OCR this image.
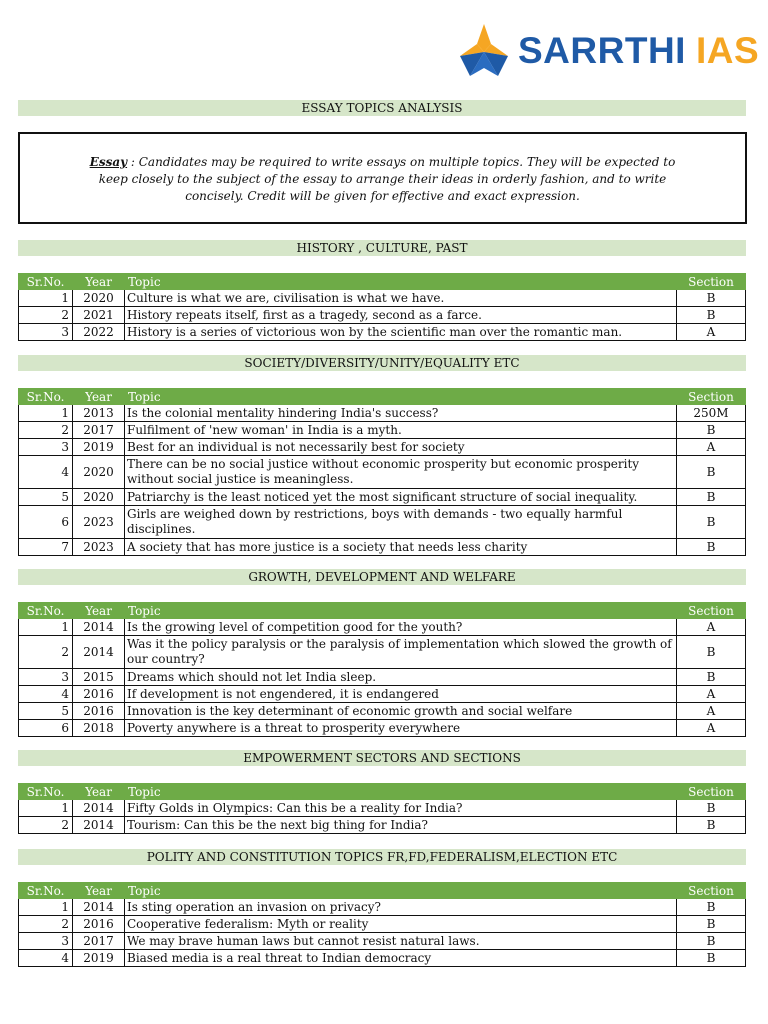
SARRTHI IAS
ESSAY TOPICS ANALYSIS
Essay : Candidates may be required to write essays on multiple topics. They will be expected to keep closely to the subject of the essay to arrange their ideas in orderly fashion, and to write concisely. Credit will be given for effective and exact expression.
HISTORY , CULTURE, PAST
Sr.No.	Year	Topic	Section
1	2020	Culture is what we are, civilisation is what we have.	B
2	2021	History repeats itself, first as a tragedy, second as a farce.	B
3	2022	History is a series of victorious won by the scientific man over the romantic man.	A
SOCIETY/DIVERSITY/UNITY/EQUALITY ETC
Sr.No.	Year	Topic	Section
1	2013	Is the colonial mentality hindering India's success?	250M
2	2017	Fulfilment of 'new woman' in India is a myth.	B
3	2019	Best for an individual is not necessarily best for society	A
4	2020	There can be no social justice without economic prosperity but economic prosperity without social justice is meaningless.	B
5	2020	Patriarchy is the least noticed yet the most significant structure of social inequality.	B
6	2023	Girls are weighed down by restrictions, boys with demands - two equally harmful disciplines.	B
7	2023	A society that has more justice is a society that needs less charity	B
GROWTH, DEVELOPMENT AND WELFARE
Sr.No.	Year	Topic	Section
1	2014	Is the growing level of competition good for the youth?	A
2	2014	Was it the policy paralysis or the paralysis of implementation which slowed the growth of our country?	B
3	2015	Dreams which should not let India sleep.	B
4	2016	If development is not engendered, it is endangered	A
5	2016	Innovation is the key determinant of economic growth and social welfare	A
6	2018	Poverty anywhere is a threat to prosperity everywhere	A
EMPOWERMENT SECTORS AND SECTIONS
Sr.No.	Year	Topic	Section
1	2014	Fifty Golds in Olympics: Can this be a reality for India?	B
2	2014	Tourism: Can this be the next big thing for India?	B
POLITY AND CONSTITUTION TOPICS FR,FD,FEDERALISM,ELECTION ETC
Sr.No.	Year	Topic	Section
1	2014	Is sting operation an invasion on privacy?	B
2	2016	Cooperative federalism: Myth or reality	B
3	2017	We may brave human laws but cannot resist natural laws.	B
4	2019	Biased media is a real threat to Indian democracy	B
